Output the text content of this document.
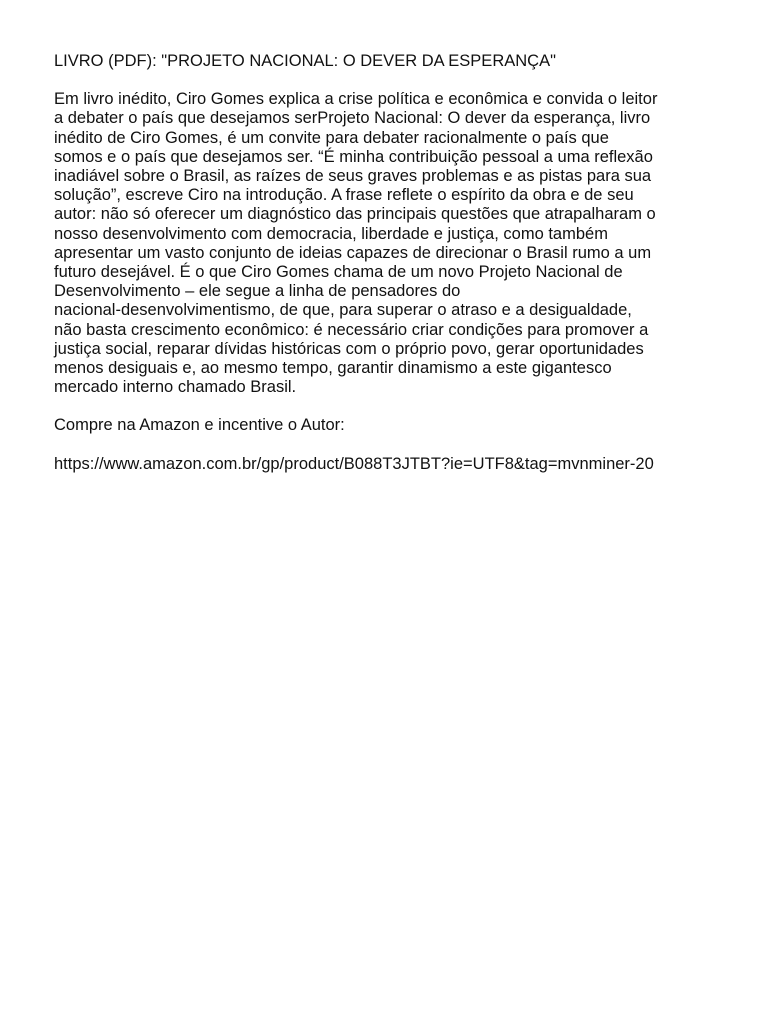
LIVRO (PDF): "PROJETO NACIONAL: O DEVER DA ESPERANÇA"
Em livro inédito, Ciro Gomes explica a crise política e econômica e convida o leitor
a debater o país que desejamos serProjeto Nacional: O dever da esperança, livro
inédito de Ciro Gomes, é um convite para debater racionalmente o país que
somos e o país que desejamos ser. “É minha contribuição pessoal a uma reflexão
inadiável sobre o Brasil, as raízes de seus graves problemas e as pistas para sua
solução”, escreve Ciro na introdução. A frase reflete o espírito da obra e de seu
autor: não só oferecer um diagnóstico das principais questões que atrapalharam o
nosso desenvolvimento com democracia, liberdade e justiça, como também
apresentar um vasto conjunto de ideias capazes de direcionar o Brasil rumo a um
futuro desejável. É o que Ciro Gomes chama de um novo Projeto Nacional de
Desenvolvimento – ele segue a linha de pensadores do
nacional-desenvolvimentismo, de que, para superar o atraso e a desigualdade,
não basta crescimento econômico: é necessário criar condições para promover a
justiça social, reparar dívidas históricas com o próprio povo, gerar oportunidades
menos desiguais e, ao mesmo tempo, garantir dinamismo a este gigantesco
mercado interno chamado Brasil.
Compre na Amazon e incentive o Autor:
https://www.amazon.com.br/gp/product/B088T3JTBT?ie=UTF8&tag=mvnminer-20
